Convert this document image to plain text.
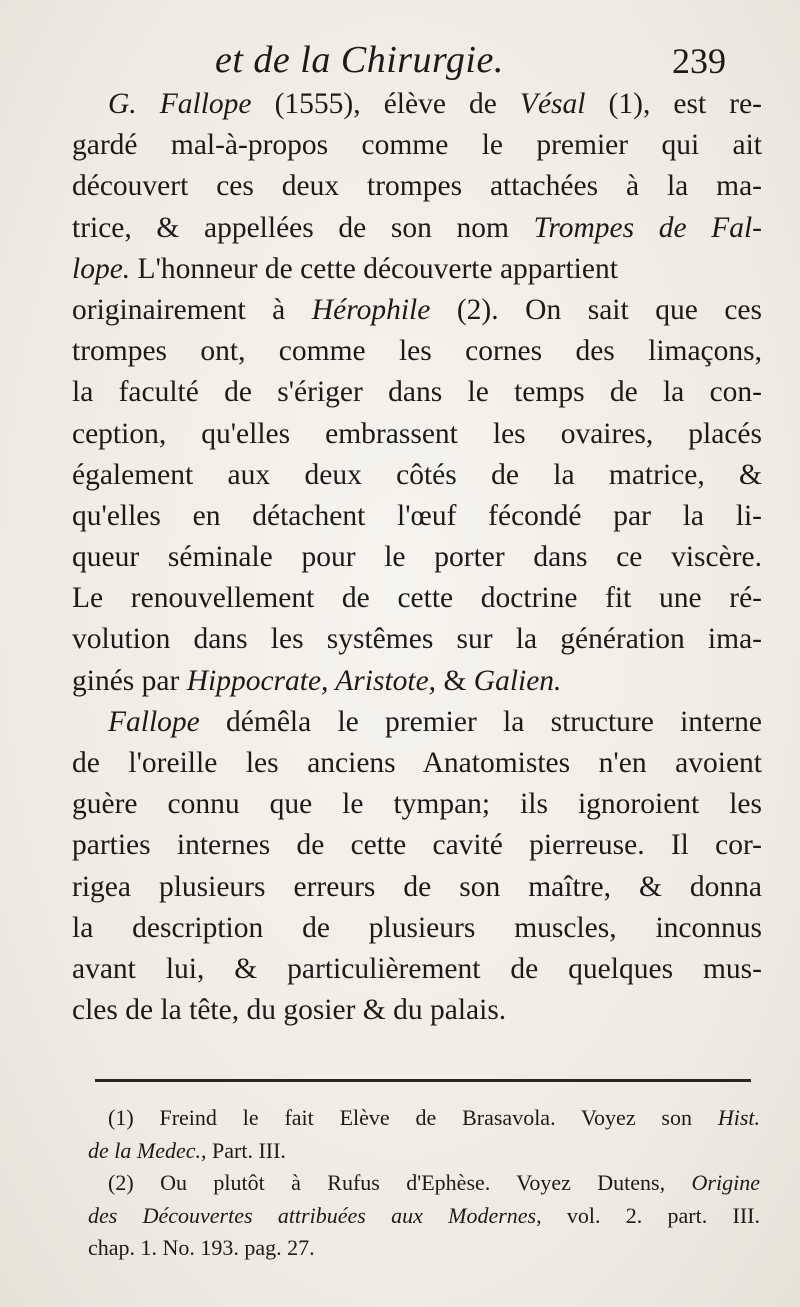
et de la Chirurgie.	239
G. Fallope (1555), élève de Vésal (1), est re-
gardé mal-à-propos comme le premier qui ait
découvert ces deux trompes attachées à la ma-
trice, & appellées de son nom Trompes de Fal-
lope. L'honneur de cette découverte appartient
originairement à Hérophile (2). On sait que ces
trompes ont, comme les cornes des limaçons,
la faculté de s'ériger dans le temps de la con-
ception, qu'elles embrassent les ovaires, placés
également aux deux côtés de la matrice, &
qu'elles en détachent l'œuf fécondé par la li-
queur séminale pour le porter dans ce viscère.
Le renouvellement de cette doctrine fit une ré-
volution dans les systêmes sur la génération ima-
ginés par Hippocrate, Aristote, & Galien.
Fallope démêla le premier la structure interne
de l'oreille les anciens Anatomistes n'en avoient
guère connu que le tympan; ils ignoroient les
parties internes de cette cavité pierreuse. Il cor-
rigea plusieurs erreurs de son maître, & donna
la description de plusieurs muscles, inconnus
avant lui, & particulièrement de quelques mus-
cles de la tête, du gosier & du palais.
(1) Freind le fait Elève de Brasavola. Voyez son Hist.
de la Medec., Part. III.
(2) Ou plutôt à Rufus d'Ephèse. Voyez Dutens, Origine
des Découvertes attribuées aux Modernes, vol. 2. part. III.
chap. 1. No. 193. pag. 27.
